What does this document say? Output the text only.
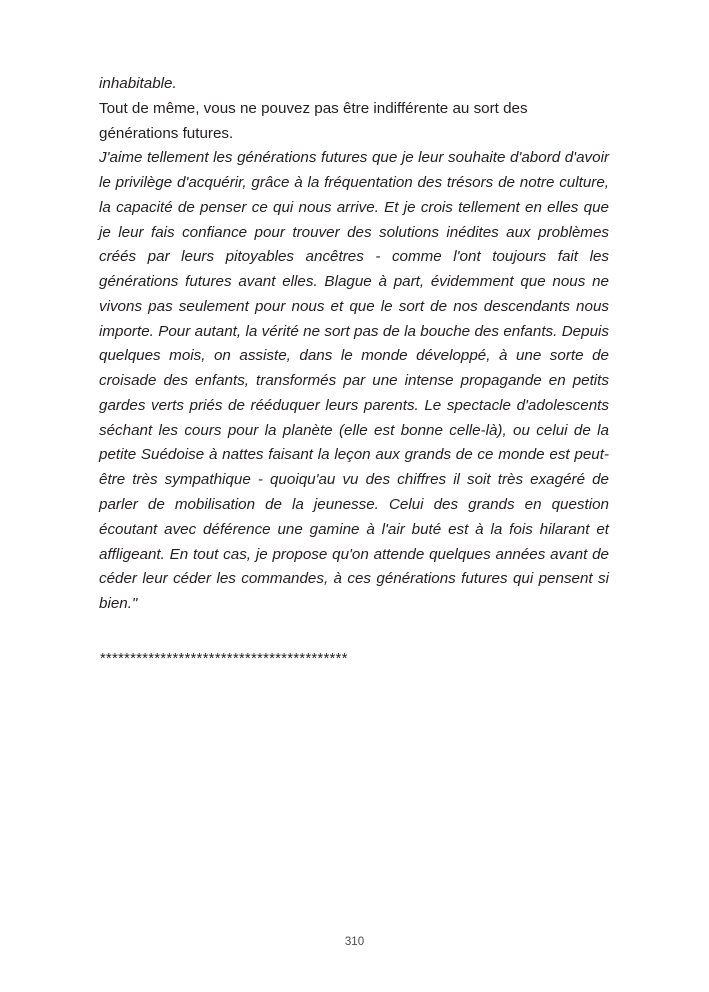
inhabitable.

Tout de même, vous ne pouvez pas être indifférente au sort des générations futures.

J'aime tellement les générations futures que je leur souhaite d'abord d'avoir le privilège d'acquérir, grâce à la fréquentation des trésors de notre culture, la capacité de penser ce qui nous arrive. Et je crois tellement en elles que je leur fais confiance pour trouver des solutions inédites aux problèmes créés par leurs pitoyables ancêtres - comme l'ont toujours fait les générations futures avant elles. Blague à part, évidemment que nous ne vivons pas seulement pour nous et que le sort de nos descendants nous importe. Pour autant, la vérité ne sort pas de la bouche des enfants. Depuis quelques mois, on assiste, dans le monde développé, à une sorte de croisade des enfants, transformés par une intense propagande en petits gardes verts priés de rééduquer leurs parents. Le spectacle d'adolescents séchant les cours pour la planète (elle est bonne celle-là), ou celui de la petite Suédoise à nattes faisant la leçon aux grands de ce monde est peut-être très sympathique - quoiqu'au vu des chiffres il soit très exagéré de parler de mobilisation de la jeunesse. Celui des grands en question écoutant avec déférence une gamine à l'air buté est à la fois hilarant et affligeant. En tout cas, je propose qu'on attende quelques années avant de céder leur céder les commandes, à ces générations futures qui pensent si bien."

*****************************************

310
